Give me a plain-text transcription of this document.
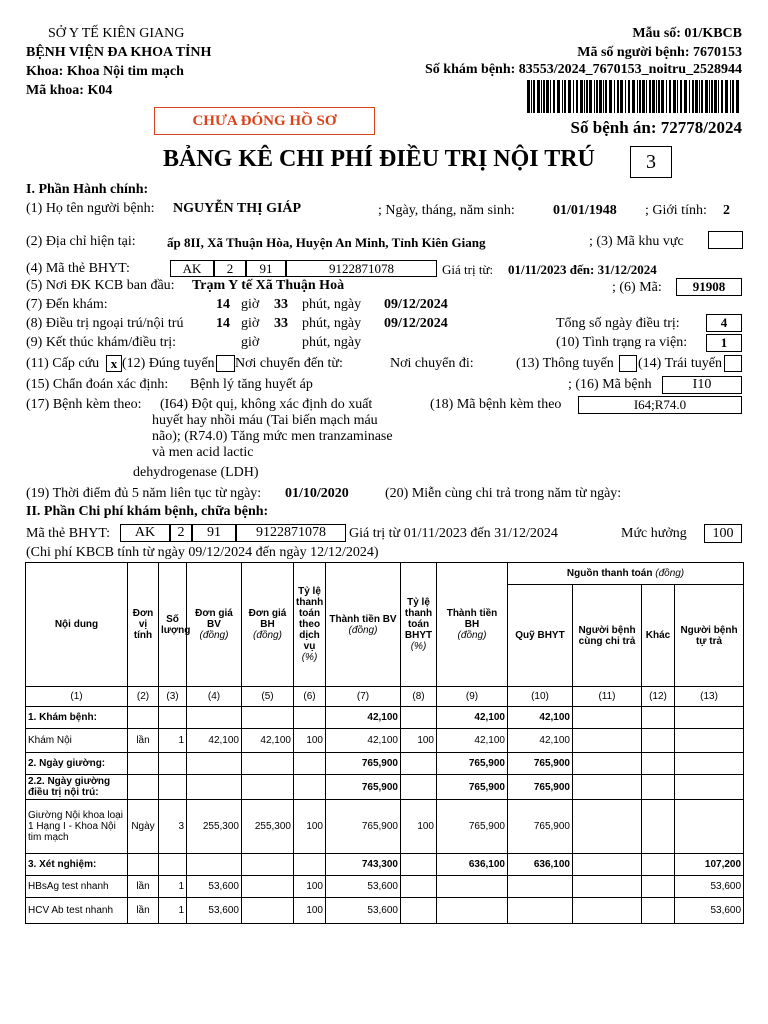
SỞ Y TẾ KIÊN GIANG
BỆNH VIỆN ĐA KHOA TỈNH
Khoa: Khoa Nội tim mạch
Mã khoa: K04
Mẫu số: 01/KBCB
Mã số người bệnh: 7670153
Số khám bệnh: 83553/2024_7670153_noitru_2528944
CHƯA ĐÓNG HỒ SƠ	Số bệnh án: 72778/2024
BẢNG KÊ CHI PHÍ ĐIỀU TRỊ NỘI TRÚ	3
I. Phần Hành chính:
(1) Họ tên người bệnh: NGUYỄN THỊ GIÁP	; Ngày, tháng, năm sinh:	01/01/1948 ; Giới tính: 2
(2) Địa chỉ hiện tại: ấp 8II, Xã Thuận Hòa, Huyện An Minh, Tỉnh Kiên Giang	; (3) Mã khu vực
(4) Mã thẻ BHYT:	AK	2	91	9122871078	Giá trị từ: 01/11/2023 đến: 31/12/2024
(5) Nơi ĐK KCB ban đầu: Trạm Y tế Xã Thuận Hoà	; (6) Mã:	91908
(7) Đến khám:	14 giờ 33 phút, ngày 09/12/2024
(8) Điều trị ngoại trú/nội trú 14 giờ 33 phút, ngày 09/12/2024	Tổng số ngày điều trị:	4
(9) Kết thúc khám/điều trị:	giờ	phút, ngày	(10) Tình trạng ra viện:	1
(11) Cấp cứu x (12) Đúng tuyến Nơi chuyển đến từ:	Nơi chuyển đi:	(13) Thông tuyến (14) Trái tuyến
(15) Chẩn đoán xác định: Bệnh lý tăng huyết áp	; (16) Mã bệnh	I10
(17) Bệnh kèm theo: (I64) Đột quị, không xác định do xuất
huyết hay nhồi máu (Tai biến mạch máu
não); (R74.0) Tăng mức men tranzaminase
và men acid lactic
dehydrogenase (LDH)
(18) Mã bệnh kèm theo	I64;R74.0
(19) Thời điểm đủ 5 năm liên tục từ ngày: 01/10/2020	(20) Miễn cùng chi trả trong năm từ ngày:
II. Phần Chi phí khám bệnh, chữa bệnh:
Mã thẻ BHYT:	AK	2	91	9122871078	Giá trị từ 01/11/2023 đến 31/12/2024	Mức hưởng	100
(Chi phí KBCB tính từ ngày 09/12/2024 đến ngày 12/12/2024)
Nội dung	Đơn vị tính	Số lượng	Đơn giá BV
(đồng)	Đơn giá BH
(đồng)	Tỷ lệ thanh toán theo dịch vụ
(%)	Thành tiền BV
(đồng)	Tỷ lệ thanh toán BHYT
(%)	Thành tiền BH
(đồng)	Nguồn thanh toán (đồng)			
									Quỹ BHYT	Người bệnh cùng chi trả	Khác	Người bệnh tự trả
(1)	(2)	(3)	(4)	(5)	(6)	(7)	(8)	(9)	(10)	(11)	(12)	(13)
1. Khám bệnh:						42,100		42,100	42,100			
Khám Nội	lần	1	42,100	42,100	100	42,100	100	42,100	42,100			
2. Ngày giường:						765,900		765,900	765,900			
2.2. Ngày giường điều trị nội trú:						765,900		765,900	765,900			
Giường Nội khoa loại 1 Hạng I - Khoa Nội tim mạch	Ngày	3	255,300	255,300	100	765,900	100	765,900	765,900			
3. Xét nghiệm:						743,300		636,100	636,100			107,200
HBsAg test nhanh	lần	1	53,600		100	53,600						53,600
HCV Ab test nhanh	lần	1	53,600		100	53,600						53,600
